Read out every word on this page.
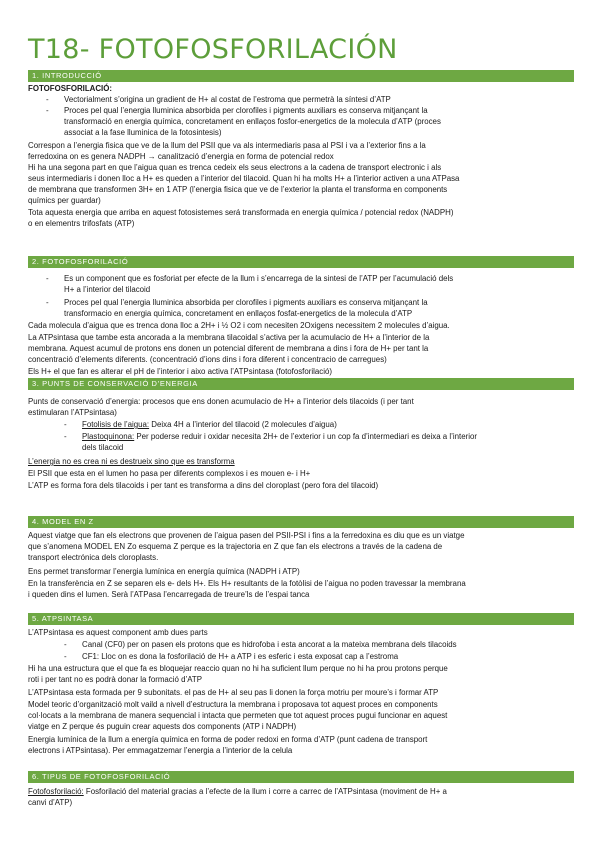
T18- FOTOFOSFORILACIÓN
1. INTRODUCCIÓ

FOTOFOSFORILACIÓ:

- Vectorialment s’origina un gradient de H+ al costat de l’estroma que permetrà la síntesi d’ATP

- Proces pel qual l’energia lluminica absorbida per clorofiles i pigments auxiliars es conserva mitjançant la

transformació en energia química, concretament en enllaços fosfor-energetics de la molecula d’ATP (proces

associat a la fase lluminica de la fotosintesis)

Correspon a l’energia fisica que ve de la llum del PSII que va als intermediaris pasa al PSI i va a l’exterior fins a la

ferredoxina on es genera NADPH → canalització d’energia en forma de potencial redox

Hi ha una segona part en que l’aigua quan es trenca cedeix els seus electrons a la cadena de transport electronic i als

seus intermediaris i donen lloc a H+ es queden a l’interior del tilacoid. Quan hi ha molts H+ a l’interior activen a una ATPasa

de membrana que transformen 3H+ en 1 ATP (l’energia fisica que ve de l’exterior la planta el transforma en components

químics per guardar)

Tota aquesta energia que arriba en aquest fotosistemes será transformada en energia química / potencial redox (NADPH)

o en elementrs trifosfats (ATP)

2. FOTOFOSFORILACIÓ
- Es un component que es fosforiat per efecte de la llum i s’encarrega de la sintesi de l’ATP per l’acumulació dels

H+ a l’interior del tilacoid

- Proces pel qual l’energia lluminica absorbida per clorofiles i pigments auxiliars es conserva mitjançant la

transformacio en energia química, concretament en enllaços fosfat-energetics de la molecula d’ATP

Cada molecula d’aigua que es trenca dona lloc a 2H+ i ½ O2 i com necesiten 2Oxigens necessitem 2 molecules d’aigua.

La ATPsintasa que tambe esta ancorada a la membrana tilacoidal s’activa per la acumulacio de H+ a l’interior de la

membrana. Aquest acumul de protons ens donen un potencial diferent de membrana a dins i fora de H+ per tant la

concentració d’elements diferents. (concentració d’ions dins i fora diferent i concentracio de carregues)

Els H+ el que fan es alterar el pH de l’interior i aixo activa l’ATPsintasa (fotofosforilació)

3. PUNTS DE CONSERVACIÓ D’ENERGIA

Punts de conservació d’energia: procesos que ens donen acumulacio de H+ a l’interior dels tilacoids (i per tant

estimularan l’ATPsintasa)

- Fotolisis de l’aigua: Deixa 4H a l’interior del tilacoid (2 molecules d’aigua)

- Plastoquinona: Per poderse reduir i oxidar necesita 2H+ de l’exterior i un cop fa d’intermediari es deixa a l’interior

dels tilacoid

L’energia no es crea ni es destrueix sino que es transforma

El PSII que esta en el lumen ho pasa per diferents complexos i es mouen e- i H+

L’ATP es forma fora dels tilacoids i per tant es transforma a dins del cloroplast (pero fora del tilacoid)

4. MODEL EN Z

Aquest viatge que fan els electrons que provenen de l’aigua pasen del PSII-PSI i fins a la ferredoxina es diu que es un viatge

que s’anomena MODEL EN Zo esquema Z perque es la trajectoria en Z que fan els electrons a través de la cadena de

transport electrónica dels cloroplasts.

Ens permet transformar l’energia lumínica en energía química (NADPH i ATP)

En la transferència en Z se separen els e- dels H+. Els H+ resultants de la fotòlisi de l’aigua no poden travessar la membrana

i queden dins el lumen. Serà l’ATPasa l’encarregada de treure’ls de l’espai tanca

5. ATPSINTASA

L’ATPsintasa es aquest component amb dues parts

- Canal (CF0) per on pasen els protons que es hidrofoba i esta ancorat a la mateixa membrana dels tilacoids

- CF1: Lloc on es dona la fosforilació de H+ a ATP i es esferic i esta exposat cap a l’estroma

Hi ha una estructura que el que fa es bloquejar reaccio quan no hi ha suficient llum perque no hi ha prou protons perque

roti i per tant no es podrà donar la formació d’ATP

L’ATPsintasa esta formada per 9 subonitats. el pas de H+ al seu pas li donen la força motriu per moure’s i formar ATP

Model teoric d’organització molt vaild a nivell d’estructura la membrana i proposava tot aquest proces en components

col·locats a la membrana de manera sequencial i intacta que permeten que tot aquest proces pugui funcionar en aquest

viatge en Z perque és puguin crear aquests dos components (ATP i NADPH)

Energia lumínica de la llum a energía química en forma de poder redoxi en forma d’ATP (punt cadena de transport

electrons i ATPsintasa). Per emmagatzemar l’energia a l’interior de la celula

6. TIPUS DE FOTOFOSFORILACIÓ

Fotofosforilació: Fosforilació del material gracias a l’efecte de la llum i corre a carrec de l’ATPsintasa (moviment de H+ a

canvi d’ATP)
